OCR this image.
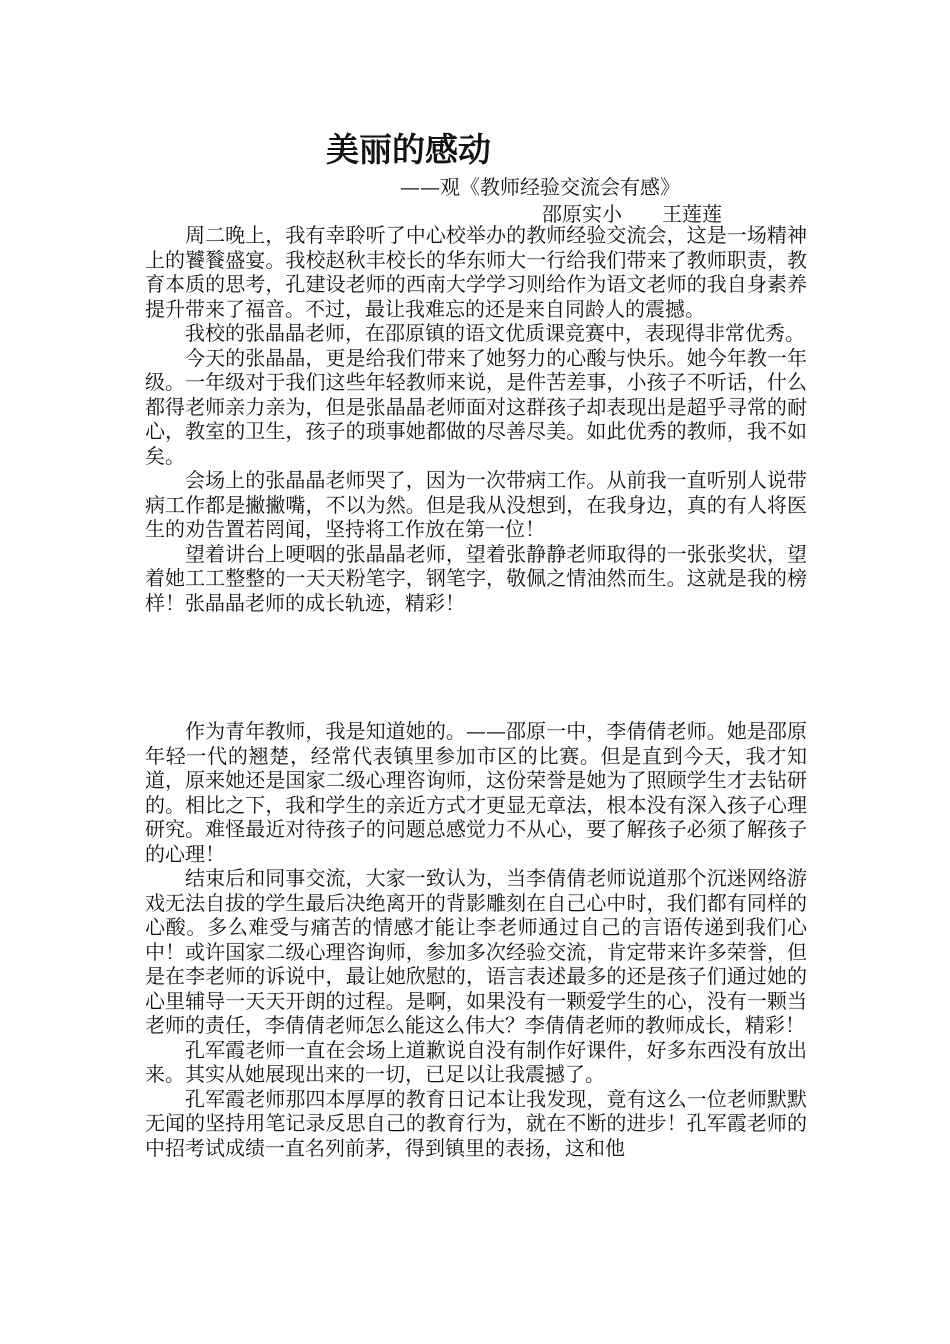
美丽的感动
——观《教师经验交流会有感》
邵原实小 王莲莲

周二晚上，我有幸聆听了中心校举办的教师经验交流会，这是一场精神上的饕餮盛宴。我校赵秋丰校长的华东师大一行给我们带来了教师职责，教育本质的思考，孔建设老师的西南大学学习则给作为语文老师的我自身素养提升带来了福音。不过，最让我难忘的还是来自同龄人的震撼。

我校的张晶晶老师，在邵原镇的语文优质课竞赛中，表现得非常优秀。

今天的张晶晶，更是给我们带来了她努力的心酸与快乐。她今年教一年级。一年级对于我们这些年轻教师来说，是件苦差事，小孩子不听话，什么都得老师亲力亲为，但是张晶晶老师面对这群孩子却表现出是超乎寻常的耐心，教室的卫生，孩子的琐事她都做的尽善尽美。如此优秀的教师，我不如矣。

会场上的张晶晶老师哭了，因为一次带病工作。从前我一直听别人说带病工作都是撇撇嘴，不以为然。但是我从没想到，在我身边，真的有人将医生的劝告置若罔闻，坚持将工作放在第一位！

望着讲台上哽咽的张晶晶老师，望着张静静老师取得的一张张奖状，望着她工工整整的一天天粉笔字，钢笔字，敬佩之情油然而生。这就是我的榜样！张晶晶老师的成长轨迹，精彩！

作为青年教师，我是知道她的。——邵原一中，李倩倩老师。她是邵原年轻一代的翘楚，经常代表镇里参加市区的比赛。但是直到今天，我才知道，原来她还是国家二级心理咨询师，这份荣誉是她为了照顾学生才去钻研的。相比之下，我和学生的亲近方式才更显无章法，根本没有深入孩子心理研究。难怪最近对待孩子的问题总感觉力不从心，要了解孩子必须了解孩子的心理！

结束后和同事交流，大家一致认为，当李倩倩老师说道那个沉迷网络游戏无法自拔的学生最后决绝离开的背影雕刻在自己心中时，我们都有同样的心酸。多么难受与痛苦的情感才能让李老师通过自己的言语传递到我们心中！或许国家二级心理咨询师，参加多次经验交流，肯定带来许多荣誉，但是在李老师的诉说中，最让她欣慰的，语言表述最多的还是孩子们通过她的心里辅导一天天开朗的过程。是啊，如果没有一颗爱学生的心，没有一颗当老师的责任，李倩倩老师怎么能这么伟大？李倩倩老师的教师成长，精彩！

孔军霞老师一直在会场上道歉说自没有制作好课件，好多东西没有放出来。其实从她展现出来的一切，已足以让我震撼了。

孔军霞老师那四本厚厚的教育日记本让我发现，竟有这么一位老师默默无闻的坚持用笔记录反思自己的教育行为，就在不断的进步！孔军霞老师的中招考试成绩一直名列前茅，得到镇里的表扬，这和他
